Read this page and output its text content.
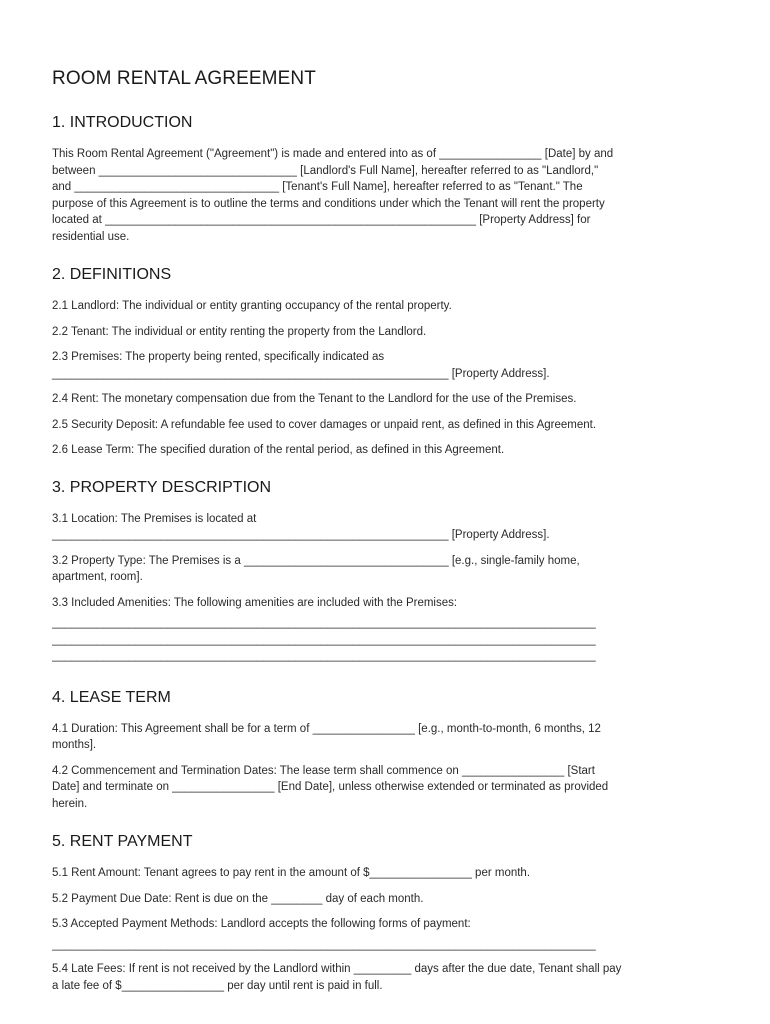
ROOM RENTAL AGREEMENT
1. INTRODUCTION
This Room Rental Agreement ("Agreement") is made and entered into as of ________________ [Date] by and
between _______________________________ [Landlord's Full Name], hereafter referred to as "Landlord,"
and ________________________________ [Tenant's Full Name], hereafter referred to as "Tenant." The
purpose of this Agreement is to outline the terms and conditions under which the Tenant will rent the property
located at __________________________________________________________ [Property Address] for
residential use.
2. DEFINITIONS
2.1 Landlord: The individual or entity granting occupancy of the rental property.
2.2 Tenant: The individual or entity renting the property from the Landlord.
2.3 Premises: The property being rented, specifically indicated as
______________________________________________________________ [Property Address].
2.4 Rent: The monetary compensation due from the Tenant to the Landlord for the use of the Premises.
2.5 Security Deposit: A refundable fee used to cover damages or unpaid rent, as defined in this Agreement.
2.6 Lease Term: The specified duration of the rental period, as defined in this Agreement.
3. PROPERTY DESCRIPTION
3.1 Location: The Premises is located at
______________________________________________________________ [Property Address].
3.2 Property Type: The Premises is a ________________________________ [e.g., single-family home,
apartment, room].
3.3 Included Amenities: The following amenities are included with the Premises:
_____________________________________________________________________________________
_____________________________________________________________________________________
_____________________________________________________________________________________
4. LEASE TERM
4.1 Duration: This Agreement shall be for a term of ________________ [e.g., month-to-month, 6 months, 12
months].
4.2 Commencement and Termination Dates: The lease term shall commence on ________________ [Start
Date] and terminate on ________________ [End Date], unless otherwise extended or terminated as provided
herein.
5. RENT PAYMENT
5.1 Rent Amount: Tenant agrees to pay rent in the amount of $________________ per month.
5.2 Payment Due Date: Rent is due on the ________ day of each month.
5.3 Accepted Payment Methods: Landlord accepts the following forms of payment:
_____________________________________________________________________________________
5.4 Late Fees: If rent is not received by the Landlord within _________ days after the due date, Tenant shall pay
a late fee of $________________ per day until rent is paid in full.
